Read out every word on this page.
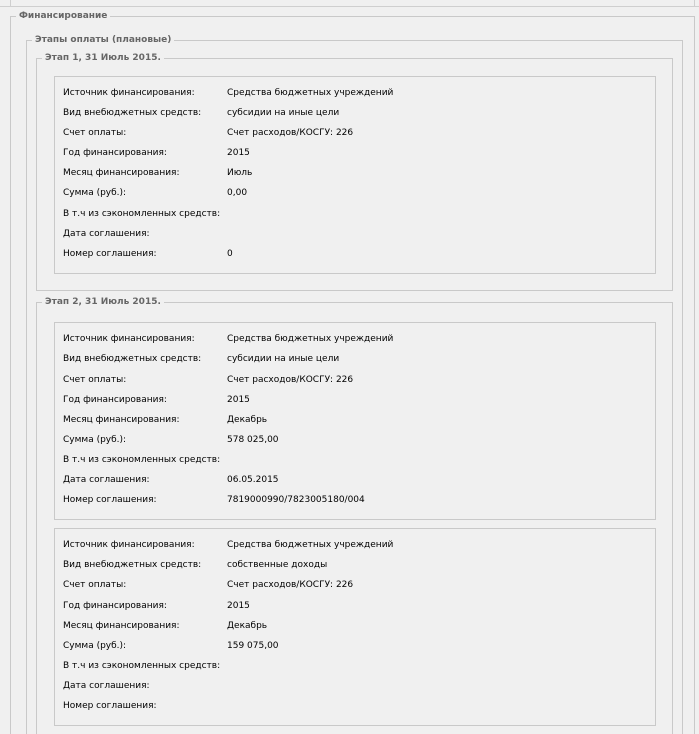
Финансирование
Этапы оплаты (плановые)
Этап 1, 31 Июль 2015.
Источник финансирования:	Средства бюджетных учреждений
Вид внебюджетных средств:	субсидии на иные цели
Счет оплаты:	Счет расходов/КОСГУ: 226
Год финансирования:	2015
Месяц финансирования:	Июль
Сумма (руб.):	0,00
В т.ч из сэкономленных средств:
Дата соглашения:
Номер соглашения:	0
Этап 2, 31 Июль 2015.
Источник финансирования:	Средства бюджетных учреждений
Вид внебюджетных средств:	субсидии на иные цели
Счет оплаты:	Счет расходов/КОСГУ: 226
Год финансирования:	2015
Месяц финансирования:	Декабрь
Сумма (руб.):	578 025,00
В т.ч из сэкономленных средств:
Дата соглашения:	06.05.2015
Номер соглашения:	7819000990/7823005180/004
Источник финансирования:	Средства бюджетных учреждений
Вид внебюджетных средств:	собственные доходы
Счет оплаты:	Счет расходов/КОСГУ: 226
Год финансирования:	2015
Месяц финансирования:	Декабрь
Сумма (руб.):	159 075,00
В т.ч из сэкономленных средств:
Дата соглашения:
Номер соглашения:
